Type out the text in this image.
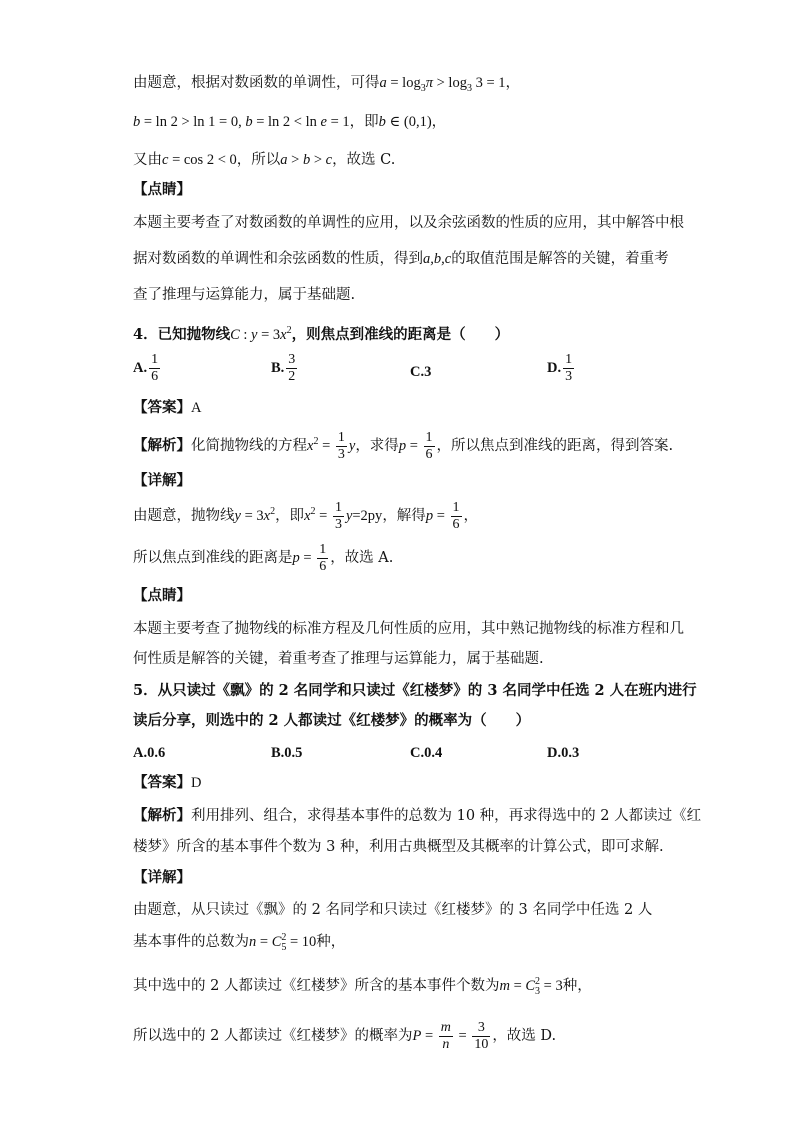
由题意，根据对数函数的单调性，可得$a = \log_3\pi > \log_3 3 = 1$，
b = ln 2 > ln 1 = 0, b = ln 2 < ln e = 1，即b ∈ (0,1)，
又由c = cos 2 < 0，所以a > b > c，故选 C.
【点睛】
本题主要考查了对数函数的单调性的应用，以及余弦函数的性质的应用，其中解答中根
据对数函数的单调性和余弦函数的性质，得到a,b,c的取值范围是解答的关键，着重考
查了推理与运算能力，属于基础题.
4．已知抛物线C : $y = 3x^2$，则焦点到准线的距离是（　　）
A. $\frac{1}{6}$	B. $\frac{3}{2}$	C.3	D. $\frac{1}{3}$
【答案】A
【解析】化简抛物线的方程$x^2 = \frac{1}{3}$ y，求得$p = \frac{1}{6}$ ，所以焦点到准线的距离，得到答案.
【详解】
由题意，抛物线$y = 3x^2$，即$x^2 = \frac{1}{3} y=2py$，解得$p = \frac{1}{6}$ ，
所以焦点到准线的距离是$p = \frac{1}{6}$ ，故选 A.
【点睛】
本题主要考查了抛物线的标准方程及几何性质的应用，其中熟记抛物线的标准方程和几
何性质是解答的关键，着重考查了推理与运算能力，属于基础题.
5．从只读过《飘》的 2 名同学和只读过《红楼梦》的 3 名同学中任选 2 人在班内进行
读后分享，则选中的 2 人都读过《红楼梦》的概率为（　　）
A.0.6	B.0.5	C.0.4	D.0.3
【答案】D
【解析】利用排列、组合，求得基本事件的总数为 10 种，再求得选中的 2 人都读过《红
楼梦》所含的基本事件个数为 3 种，利用古典概型及其概率的计算公式，即可求解.
【详解】
由题意，从只读过《飘》的 2 名同学和只读过《红楼梦》的 3 名同学中任选 2 人
基本事件的总数为n = C 2
5 = 10种，
其中选中的 2 人都读过《红楼梦》所含的基本事件个数为m = C 2
3 = 3种，
所以选中的 2 人都读过《红楼梦》的概率为$P = \frac{m}{n} = \frac{3}{10}$ ，故选 D.
